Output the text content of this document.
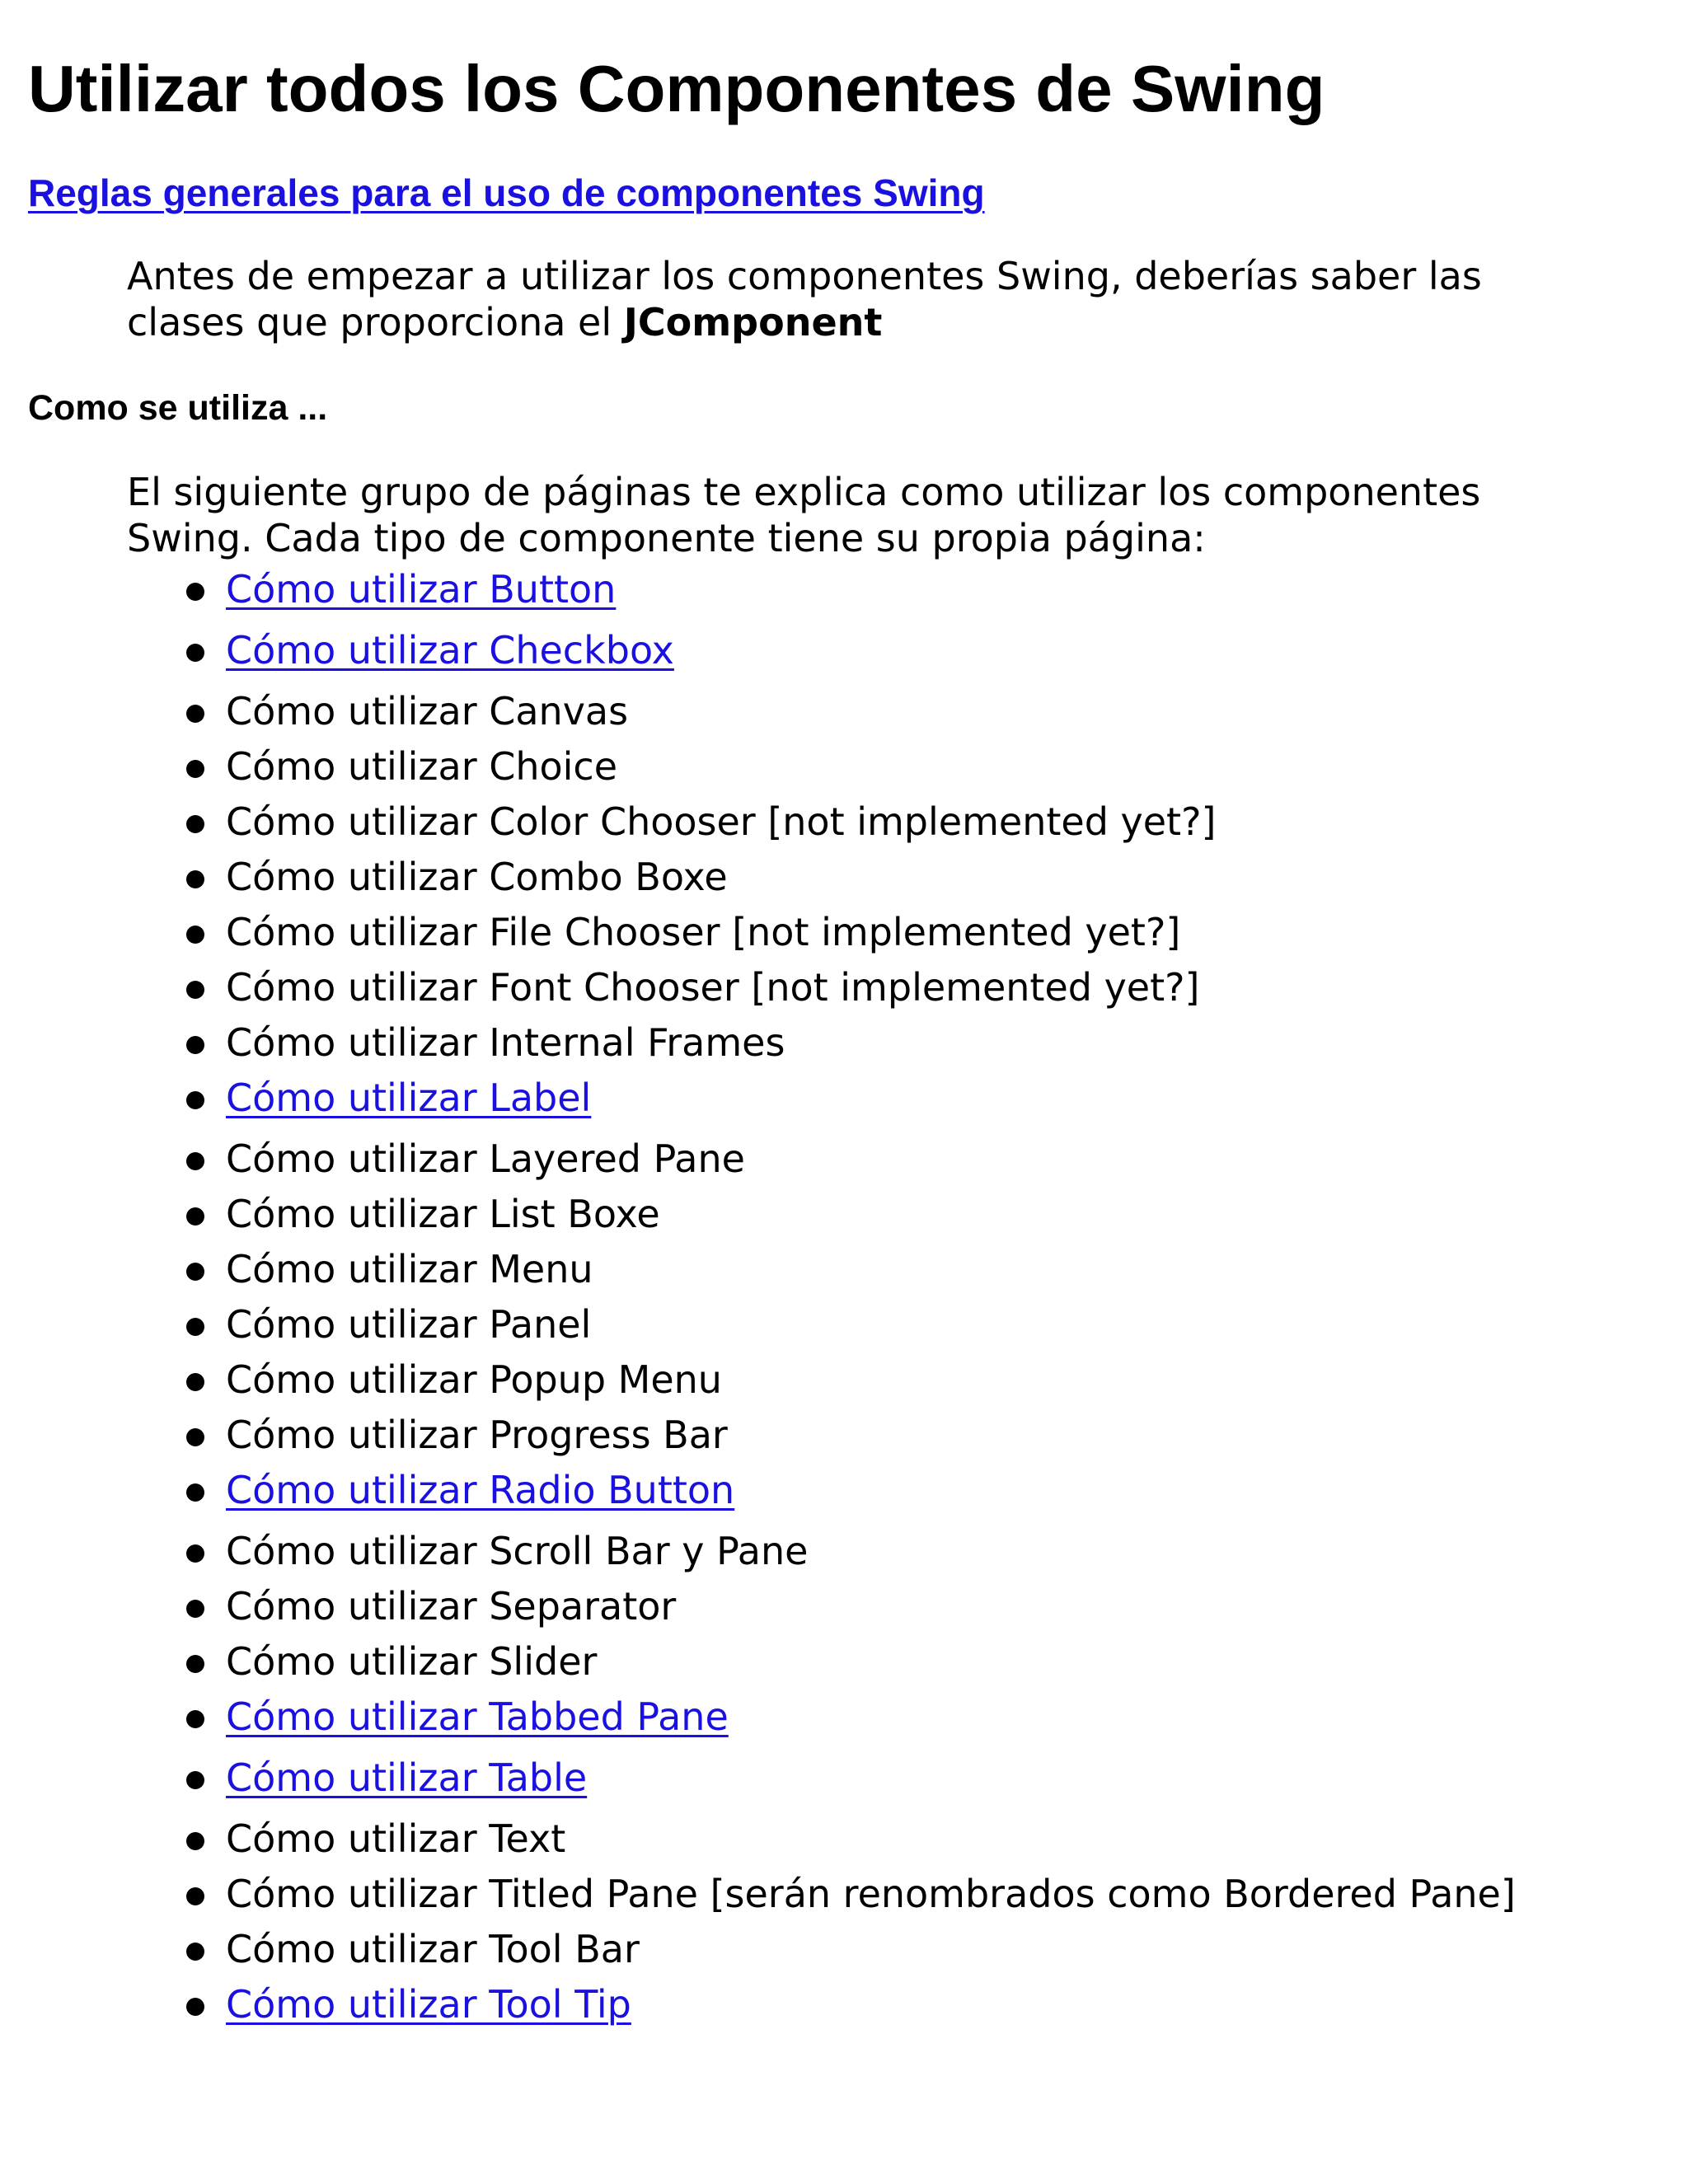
Utilizar todos los Componentes de Swing
Reglas generales para el uso de componentes Swing
Antes de empezar a utilizar los componentes Swing, deberías saber las clases que proporciona el JComponent
Como se utiliza ...
El siguiente grupo de páginas te explica como utilizar los componentes Swing. Cada tipo de componente tiene su propia página:
Cómo utilizar Button
Cómo utilizar Checkbox
Cómo utilizar Canvas
Cómo utilizar Choice
Cómo utilizar Color Chooser [not implemented yet?]
Cómo utilizar Combo Boxe
Cómo utilizar File Chooser [not implemented yet?]
Cómo utilizar Font Chooser [not implemented yet?]
Cómo utilizar Internal Frames
Cómo utilizar Label
Cómo utilizar Layered Pane
Cómo utilizar List Boxe
Cómo utilizar Menu
Cómo utilizar Panel
Cómo utilizar Popup Menu
Cómo utilizar Progress Bar
Cómo utilizar Radio Button
Cómo utilizar Scroll Bar y Pane
Cómo utilizar Separator
Cómo utilizar Slider
Cómo utilizar Tabbed Pane
Cómo utilizar Table
Cómo utilizar Text
Cómo utilizar Titled Pane [serán renombrados como Bordered Pane]
Cómo utilizar Tool Bar
Cómo utilizar Tool Tip
